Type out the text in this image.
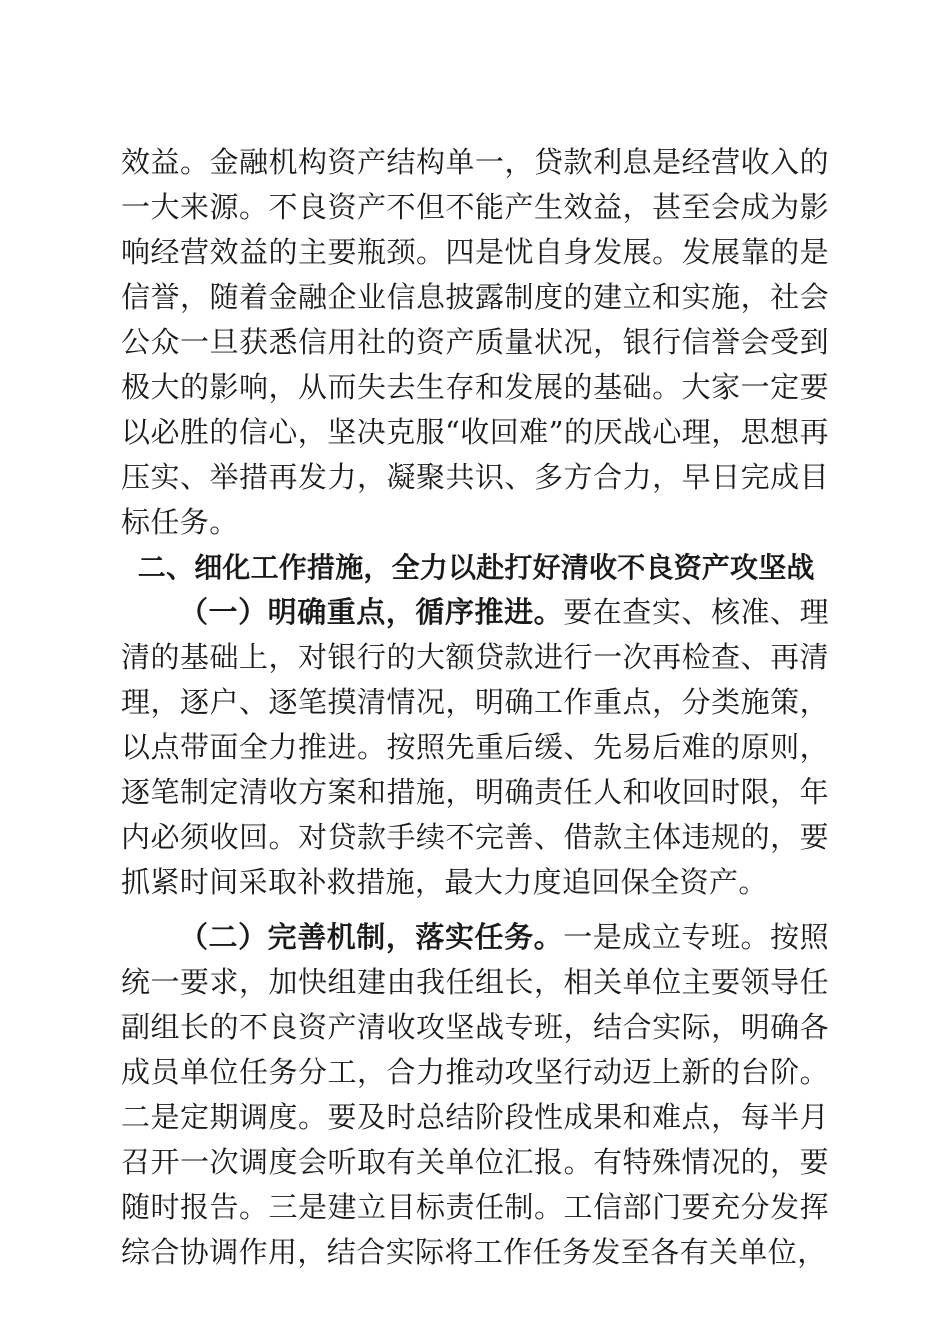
效益。金融机构资产结构单一，贷款利息是经营收入的一大来源。不良资产不但不能产生效益，甚至会成为影响经营效益的主要瓶颈。四是忧自身发展。发展靠的是信誉，随着金融企业信息披露制度的建立和实施，社会公众一旦获悉信用社的资产质量状况，银行信誉会受到极大的影响，从而失去生存和发展的基础。大家一定要以必胜的信心，坚决克服“收回难”的厌战心理，思想再压实、举措再发力，凝聚共识、多方合力，早日完成目标任务。

二、细化工作措施，全力以赴打好清收不良资产攻坚战

（一）明确重点，循序推进。要在查实、核准、理清的基础上，对银行的大额贷款进行一次再检查、再清理，逐户、逐笔摸清情况，明确工作重点，分类施策，以点带面全力推进。按照先重后缓、先易后难的原则，逐笔制定清收方案和措施，明确责任人和收回时限，年内必须收回。对贷款手续不完善、借款主体违规的，要抓紧时间采取补救措施，最大力度追回保全资产。

（二）完善机制，落实任务。一是成立专班。按照统一要求，加快组建由我任组长，相关单位主要领导任副组长的不良资产清收攻坚战专班，结合实际，明确各成员单位任务分工，合力推动攻坚行动迈上新的台阶。二是定期调度。要及时总结阶段性成果和难点，每半月召开一次调度会听取有关单位汇报。有特殊情况的，要随时报告。三是建立目标责任制。工信部门要充分发挥综合协调作用，结合实际将工作任务发至各有关单位，
